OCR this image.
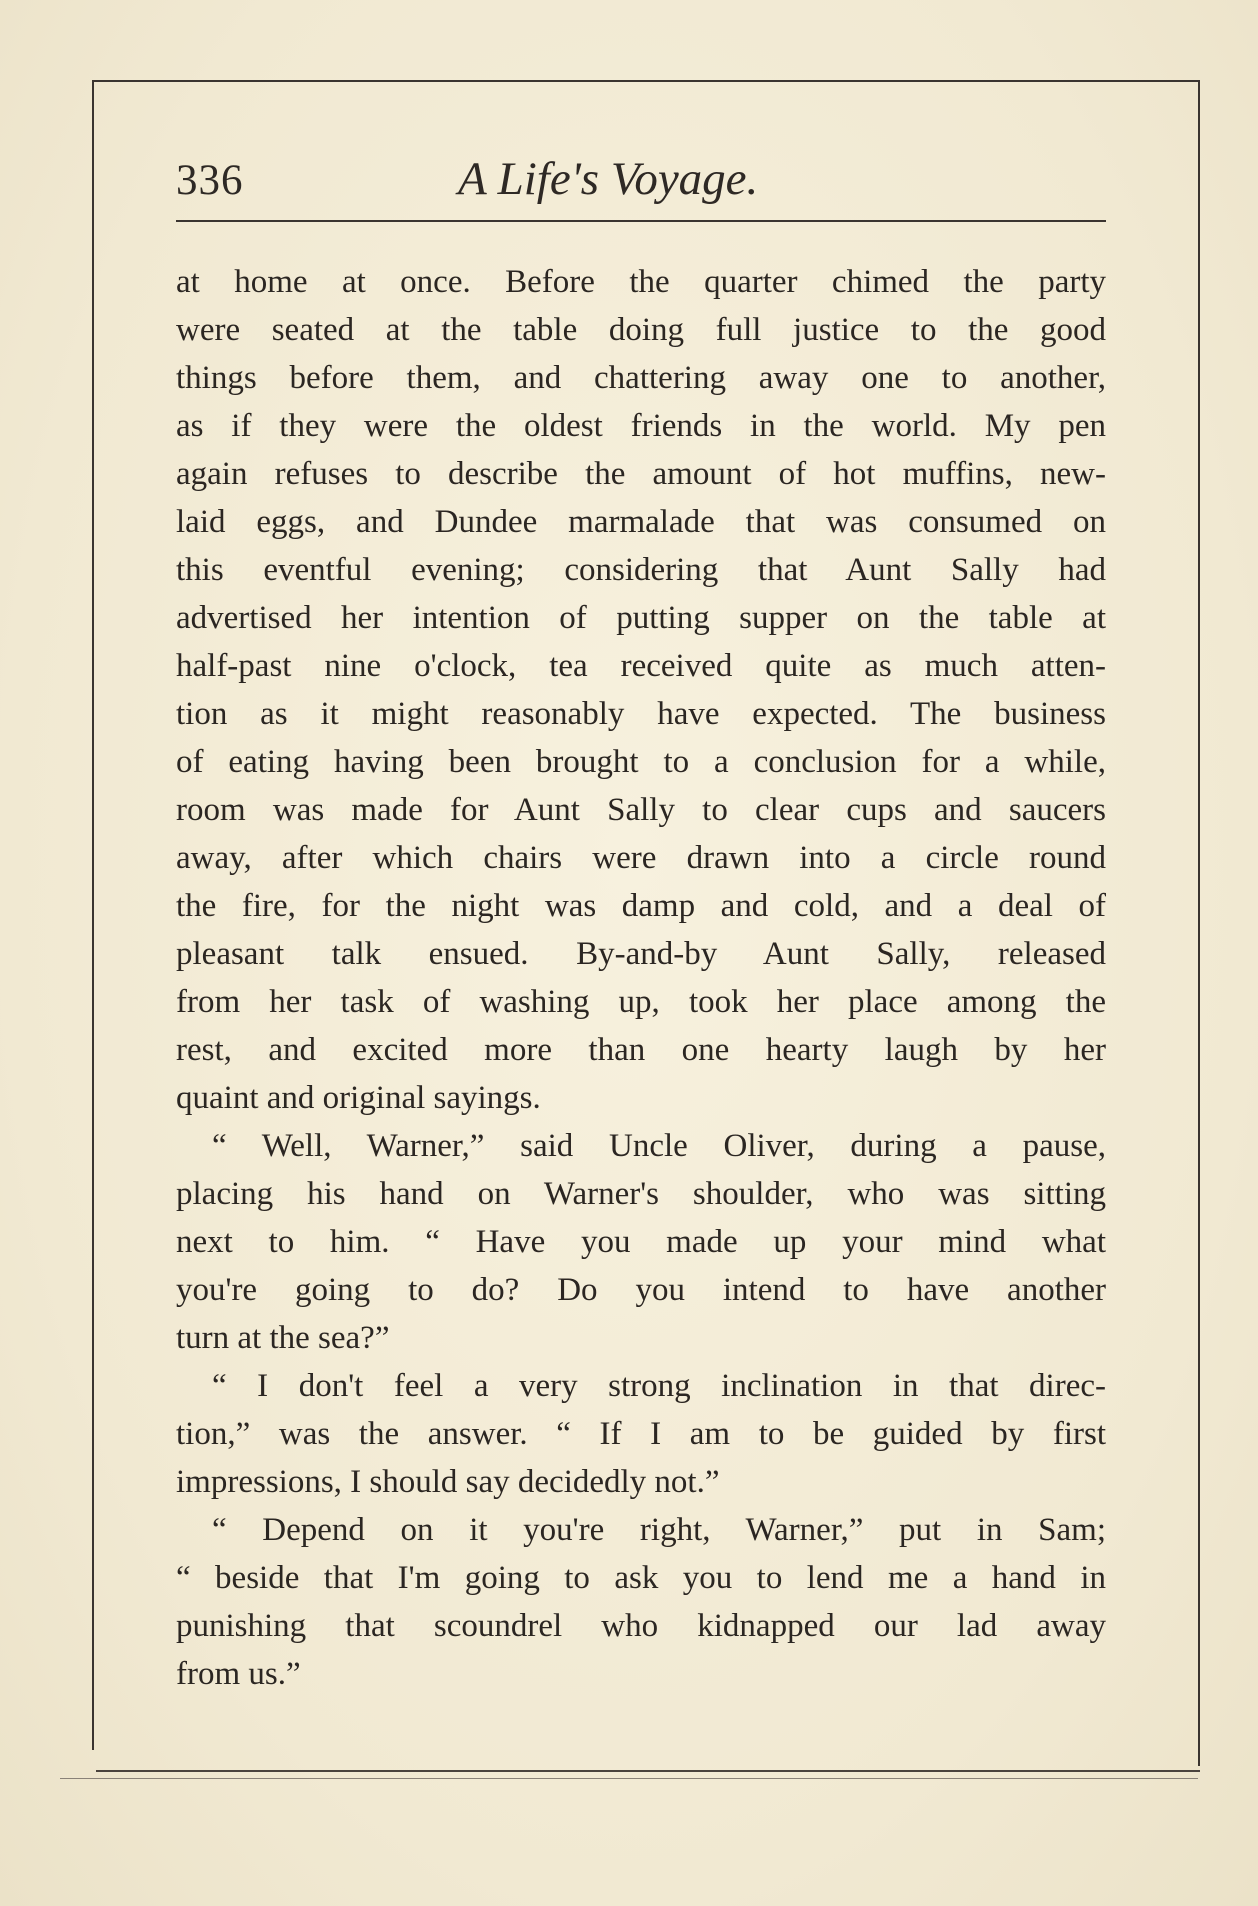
336	A Life's Voyage.
at home at once. Before the quarter chimed the party
were seated at the table doing full justice to the good
things before them, and chattering away one to another,
as if they were the oldest friends in the world. My pen
again refuses to describe the amount of hot muffins, new-
laid eggs, and Dundee marmalade that was consumed on
this eventful evening; considering that Aunt Sally had
advertised her intention of putting supper on the table at
half-past nine o'clock, tea received quite as much atten-
tion as it might reasonably have expected. The business
of eating having been brought to a conclusion for a while,
room was made for Aunt Sally to clear cups and saucers
away, after which chairs were drawn into a circle round
the fire, for the night was damp and cold, and a deal of
pleasant talk ensued. By-and-by Aunt Sally, released
from her task of washing up, took her place among the
rest, and excited more than one hearty laugh by her
quaint and original sayings.
“ Well, Warner,” said Uncle Oliver, during a pause,
placing his hand on Warner's shoulder, who was sitting
next to him. “ Have you made up your mind what
you're going to do? Do you intend to have another
turn at the sea?”
“ I don't feel a very strong inclination in that direc-
tion,” was the answer. “ If I am to be guided by first
impressions, I should say decidedly not.”
“ Depend on it you're right, Warner,” put in Sam;
“ beside that I'm going to ask you to lend me a hand in
punishing that scoundrel who kidnapped our lad away
from us.”
